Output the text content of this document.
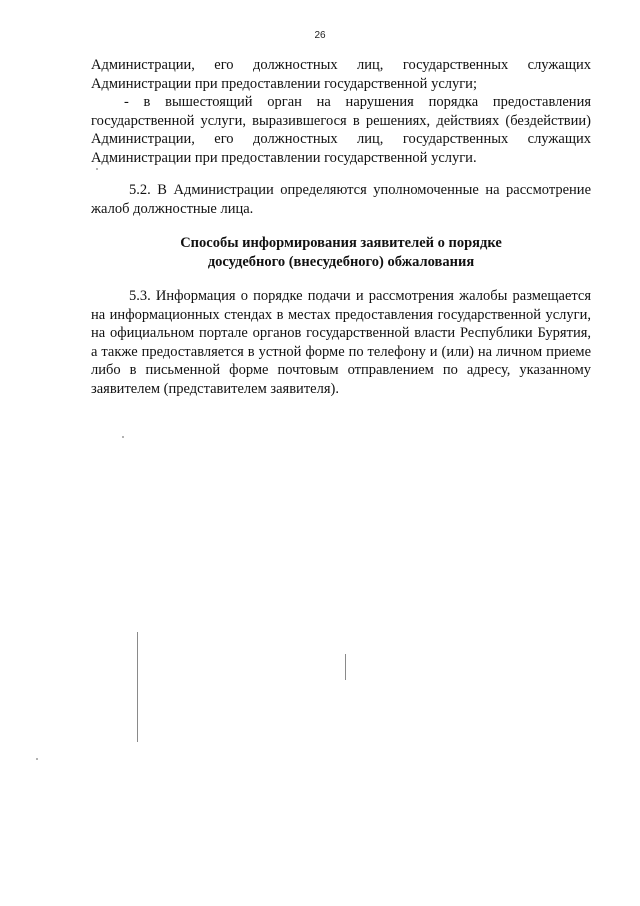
26

Администрации, его должностных лиц, государственных служащих Администрации при предоставлении государственной услуги;

- в вышестоящий орган на нарушения порядка предоставления государственной услуги, выразившегося в решениях, действиях (бездействии) Администрации, его должностных лиц, государственных служащих Администрации при предоставлении государственной услуги.

5.2. В Администрации определяются уполномоченные на рассмотрение жалоб должностные лица.

Способы информирования заявителей о порядке досудебного (внесудебного) обжалования

5.3. Информация о порядке подачи и рассмотрения жалобы размещается на информационных стендах в местах предоставления государственной услуги, на официальном портале органов государственной власти Республики Бурятия, а также предоставляется в устной форме по телефону и (или) на личном приеме либо в письменной форме почтовым отправлением по адресу, указанному заявителем (представителем заявителя).
